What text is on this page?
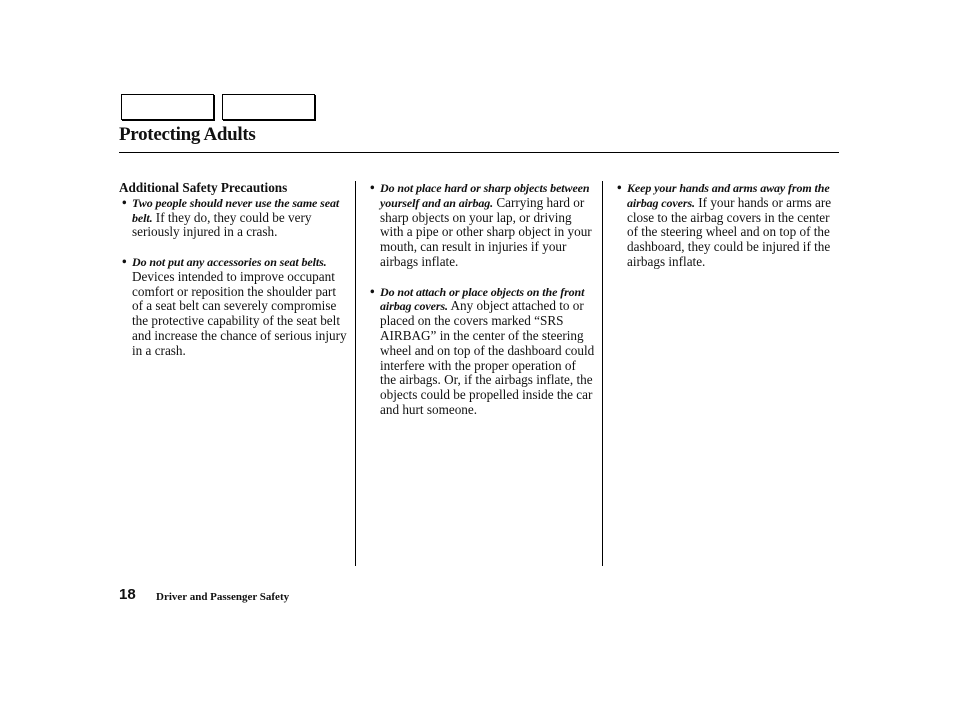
Protecting Adults
Additional Safety Precautions
• Two people should never use the same seat belt. If they do, they could be very seriously injured in a crash.
• Do not put any accessories on seat belts. Devices intended to improve occupant comfort or reposition the shoulder part of a seat belt can severely compromise the protective capability of the seat belt and increase the chance of serious injury in a crash.
• Do not place hard or sharp objects between yourself and an airbag. Carrying hard or sharp objects on your lap, or driving with a pipe or other sharp object in your mouth, can result in injuries if your airbags inflate.
• Do not attach or place objects on the front airbag covers. Any object attached to or placed on the covers marked “SRS AIRBAG” in the center of the steering wheel and on top of the dashboard could interfere with the proper operation of the airbags. Or, if the airbags inflate, the objects could be propelled inside the car and hurt someone.
• Keep your hands and arms away from the airbag covers. If your hands or arms are close to the airbag covers in the center of the steering wheel and on top of the dashboard, they could be injured if the airbags inflate.
18 Driver and Passenger Safety
